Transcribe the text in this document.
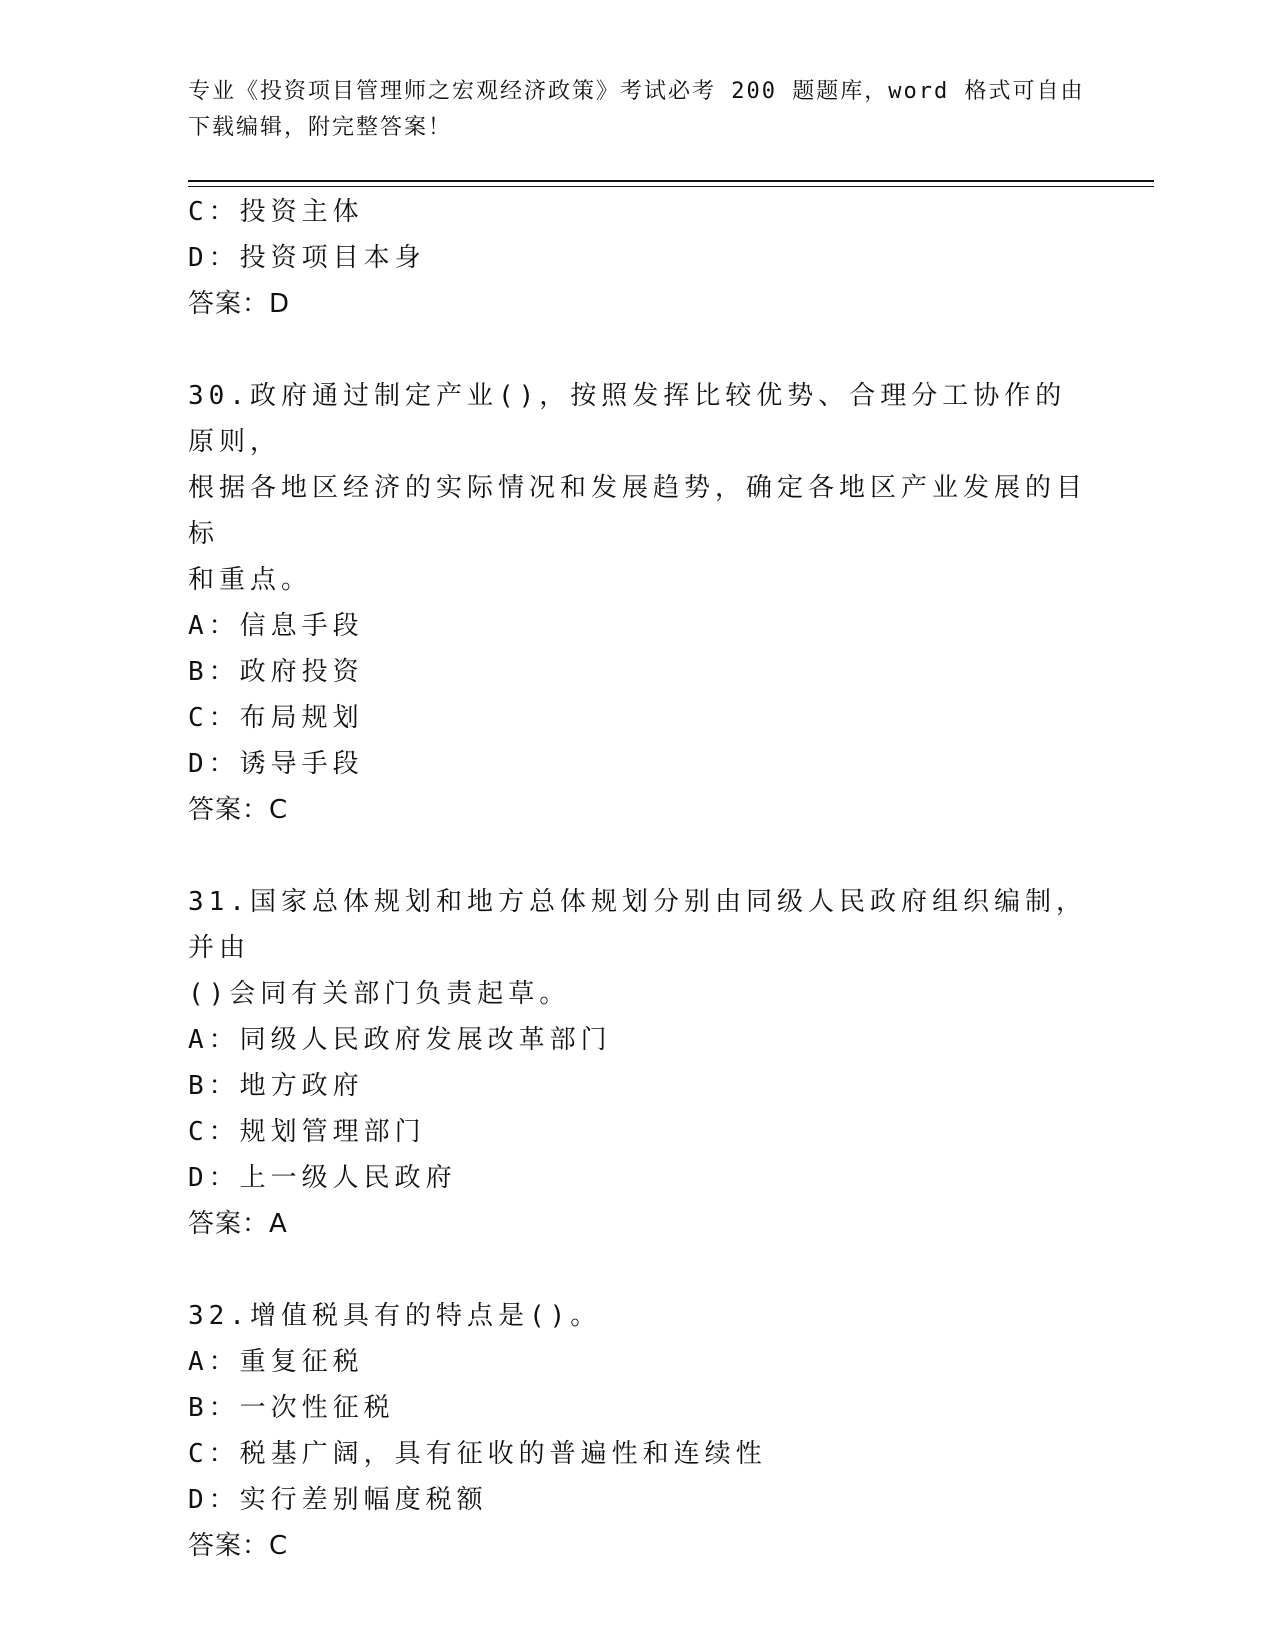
专业《投资项目管理师之宏观经济政策》考试必考 200 题题库，word 格式可自由下载编辑，附完整答案！

C：投资主体

D：投资项目本身

答案：D

30.政府通过制定产业()，按照发挥比较优势、合理分工协作的原则，

根据各地区经济的实际情况和发展趋势，确定各地区产业发展的目标

和重点。

A：信息手段

B：政府投资

C：布局规划

D：诱导手段

答案：C

31.国家总体规划和地方总体规划分别由同级人民政府组织编制，并由

()会同有关部门负责起草。

A：同级人民政府发展改革部门

B：地方政府

C：规划管理部门

D：上一级人民政府

答案：A

32.增值税具有的特点是()。

A：重复征税

B：一次性征税

C：税基广阔，具有征收的普遍性和连续性

D：实行差别幅度税额

答案：C
